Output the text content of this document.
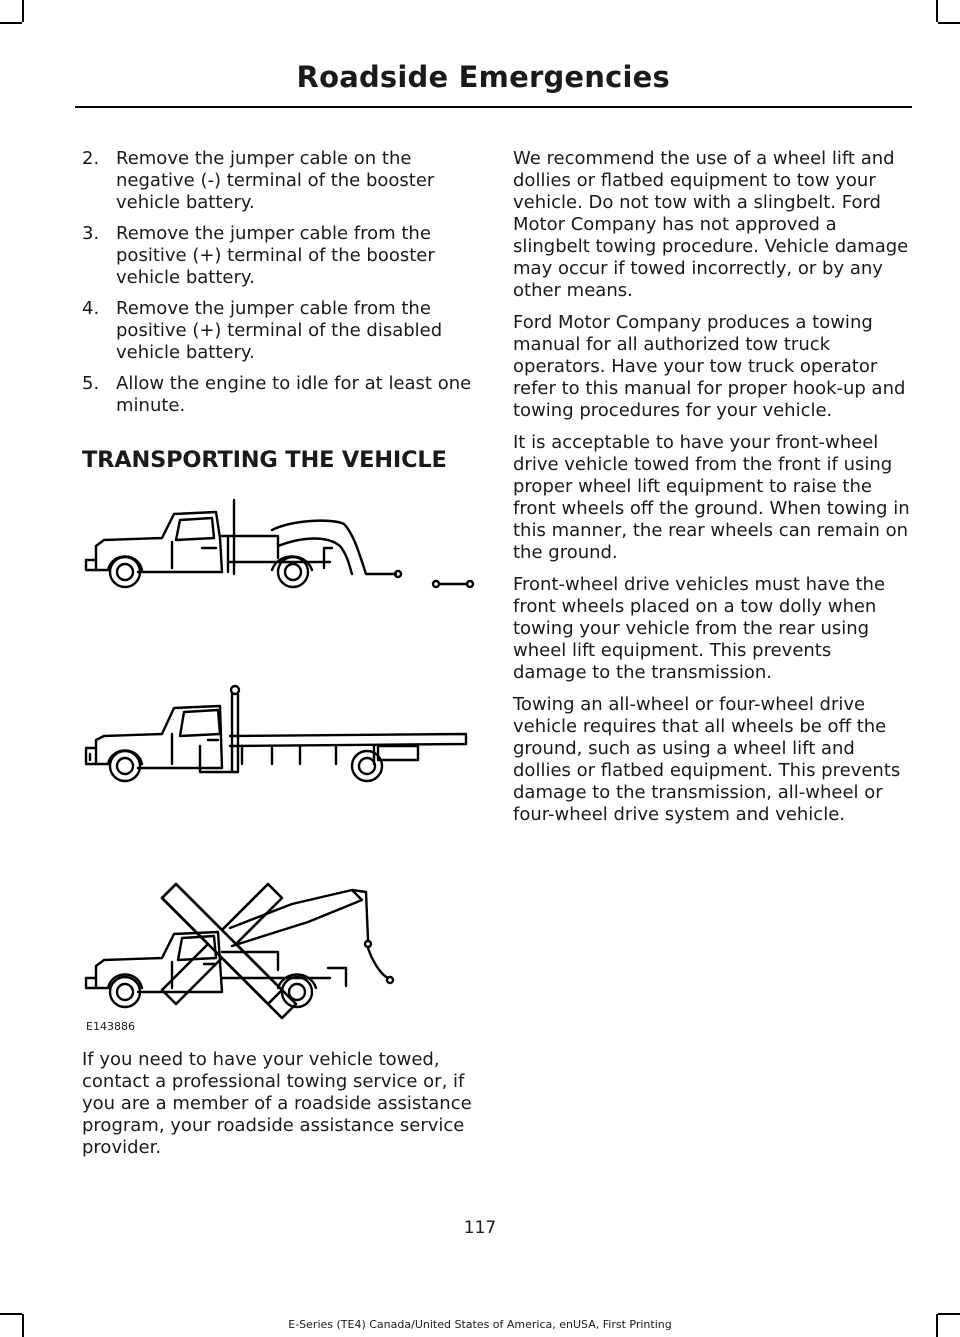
Roadside Emergencies
2. Remove the jumper cable on the negative (-) terminal of the booster vehicle battery.
3. Remove the jumper cable from the positive (+) terminal of the booster vehicle battery.
4. Remove the jumper cable from the positive (+) terminal of the disabled vehicle battery.
5. Allow the engine to idle for at least one minute.
TRANSPORTING THE VEHICLE
E143886

If you need to have your vehicle towed, contact a professional towing service or, if you are a member of a roadside assistance program, your roadside assistance service provider.

We recommend the use of a wheel lift and dollies or flatbed equipment to tow your vehicle. Do not tow with a slingbelt. Ford Motor Company has not approved a slingbelt towing procedure. Vehicle damage may occur if towed incorrectly, or by any other means.

Ford Motor Company produces a towing manual for all authorized tow truck operators. Have your tow truck operator refer to this manual for proper hook-up and towing procedures for your vehicle.

It is acceptable to have your front-wheel drive vehicle towed from the front if using proper wheel lift equipment to raise the front wheels off the ground. When towing in this manner, the rear wheels can remain on the ground.

Front-wheel drive vehicles must have the front wheels placed on a tow dolly when towing your vehicle from the rear using wheel lift equipment. This prevents damage to the transmission.

Towing an all-wheel or four-wheel drive vehicle requires that all wheels be off the ground, such as using a wheel lift and dollies or flatbed equipment. This prevents damage to the transmission, all-wheel or four-wheel drive system and vehicle.

117
E-Series (TE4) Canada/United States of America, enUSA, First Printing
